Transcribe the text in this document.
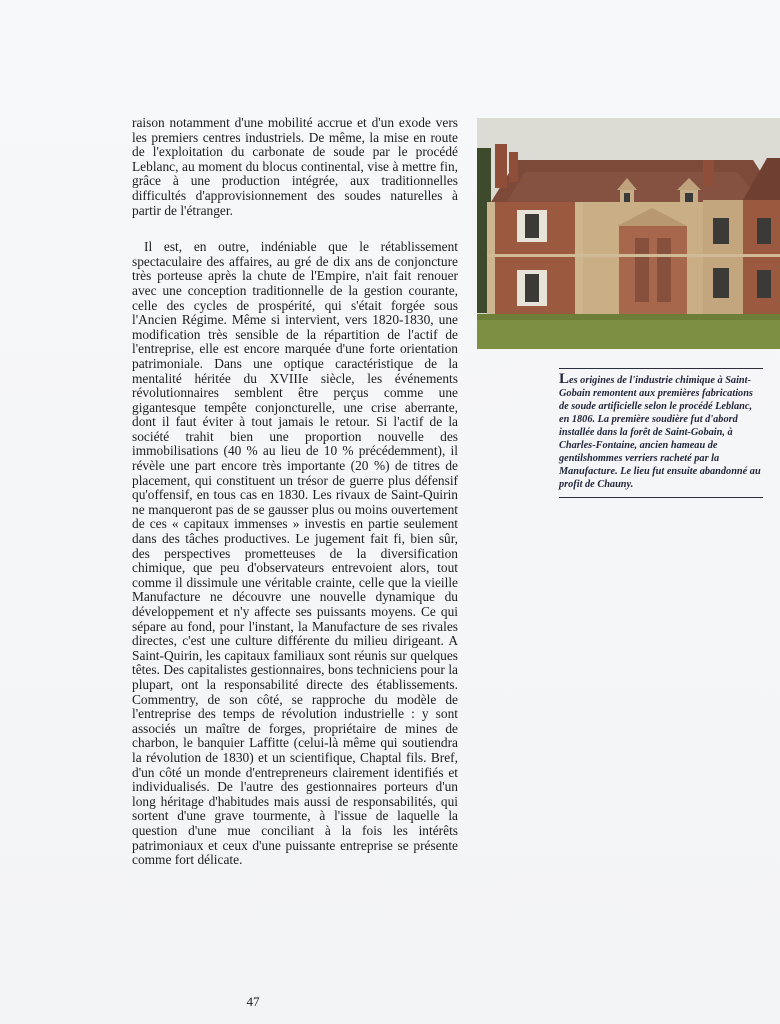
raison notamment d'une mobilité accrue et d'un exode vers les premiers centres industriels. De même, la mise en route de l'exploitation du carbonate de soude par le procédé Leblanc, au moment du blocus continental, vise à mettre fin, grâce à une production intégrée, aux traditionnelles difficultés d'approvisionnement des soudes naturelles à partir de l'étranger.

Il est, en outre, indéniable que le rétablissement spectaculaire des affaires, au gré de dix ans de conjoncture très porteuse après la chute de l'Empire, n'ait fait renouer avec une conception traditionnelle de la gestion courante, celle des cycles de prospérité, qui s'était forgée sous l'Ancien Régime. Même si intervient, vers 1820-1830, une modification très sensible de la répartition de l'actif de l'entreprise, elle est encore marquée d'une forte orientation patrimoniale. Dans une optique caractéristique de la mentalité héritée du XVIIIe siècle, les événements révolutionnaires semblent être perçus comme une gigantesque tempête conjoncturelle, une crise aberrante, dont il faut éviter à tout jamais le retour. Si l'actif de la société trahit bien une proportion nouvelle des immobilisations (40 % au lieu de 10 % précédemment), il révèle une part encore très importante (20 %) de titres de placement, qui constituent un trésor de guerre plus défensif qu'offensif, en tous cas en 1830. Les rivaux de Saint-Quirin ne manqueront pas de se gausser plus ou moins ouvertement de ces « capitaux immenses » investis en partie seulement dans des tâches productives. Le jugement fait fi, bien sûr, des perspectives prometteuses de la diversification chimique, que peu d'observateurs entrevoient alors, tout comme il dissimule une véritable crainte, celle que la vieille Manufacture ne découvre une nouvelle dynamique du développement et n'y affecte ses puissants moyens. Ce qui sépare au fond, pour l'instant, la Manufacture de ses rivales directes, c'est une culture différente du milieu dirigeant. A Saint-Quirin, les capitaux familiaux sont réunis sur quelques têtes. Des capitalistes gestionnaires, bons techniciens pour la plupart, ont la responsabilité directe des établissements. Commentry, de son côté, se rapproche du modèle de l'entreprise des temps de révolution industrielle : y sont associés un maître de forges, propriétaire de mines de charbon, le banquier Laffitte (celui-là même qui soutiendra la révolution de 1830) et un scientifique, Chaptal fils. Bref, d'un côté un monde d'entrepreneurs clairement identifiés et individualisés. De l'autre des gestionnaires porteurs d'un long héritage d'habitudes mais aussi de responsabilités, qui sortent d'une grave tourmente, à l'issue de laquelle la question d'une mue conciliant à la fois les intérêts patrimoniaux et ceux d'une puissante entreprise se présente comme fort délicate.

Les origines de l'industrie chimique à Saint-Gobain remontent aux premières fabrications de soude artificielle selon le procédé Leblanc, en 1806. La première soudière fut d'abord installée dans la forêt de Saint-Gobain, à Charles-Fontaine, ancien hameau de gentilshommes verriers racheté par la Manufacture. Le lieu fut ensuite abandonné au profit de Chauny.
47
